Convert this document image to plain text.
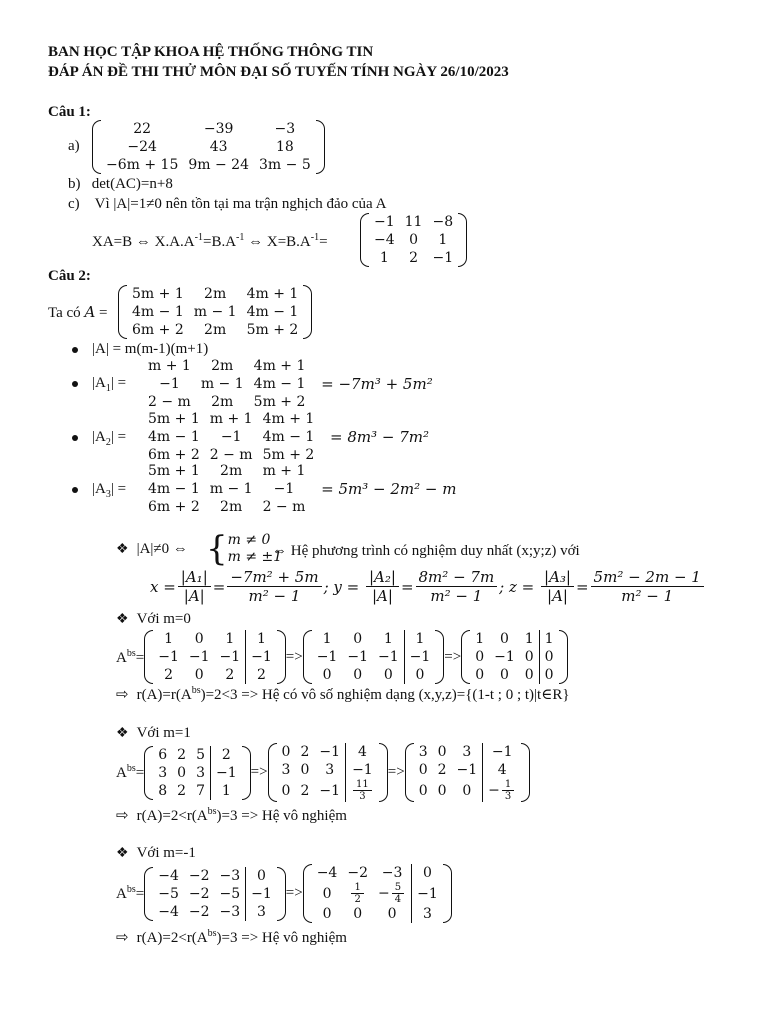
BAN HỌC TẬP KHOA HỆ THỐNG THÔNG TIN
ĐÁP ÁN ĐỀ THI THỬ MÔN ĐẠI SỐ TUYẾN TÍNH NGÀY 26/10/2023
Câu 1:
a)
22	−39	−3
−24	43	18
−6m + 15	9m − 24	3m − 5
b) det(AC)=n+8
c) Vì |A|=1≠0 nên tồn tại ma trận nghịch đảo của A
XA=B ⇔ $X.A.A^{-1}=B.A^{-1}$ ⇔ $X=B.A^{-1}=$
−1	11	−8
−4	0	1
1	2	−1
Câu 2:
Ta có A =
5m + 1	2m	4m + 1
4m − 1	m − 1	4m − 1
6m + 2	2m	5m + 2
|A| = m(m-1)(m+1)
$|A_1|$ =
m + 1	2m	4m + 1
−1	m − 1	4m − 1
2 − m	2m	5m + 2

= −7m³ + 5m²
$|A_2|$ =
5m + 1	m + 1	4m + 1
4m − 1	−1	4m − 1
6m + 2	2 − m	5m + 2

= 8m³ − 7m²
$|A_3|$ =
5m + 1	2m	m + 1
4m − 1	m − 1	−1
6m + 2	2m	2 − m

= 5m³ − 2m² − m
❖ |A|≠0 ⇔ { m ≠ 0
m ≠ ±1
⇔ Hệ phương trình có nghiệm duy nhất (x;y;z) với
$x = \frac{\text{|A₁|}}{|A|} = \frac{\text{−7m² + 5m}}{\text{m² − 1}}$ ; y =
$\frac{\text{|A₂|}}{|A|} = \frac{\text{8m² − 7m}}{\text{m² − 1}}$ ; z =
$\frac{\text{|A₃|}}{|A|} = \frac{\text{5m² − 2m − 1}}{\text{m² − 1}}$
❖ Với m=0
$A^{bs}=$
1	0	1	1
−1	−1	−1	−1
2	0	2	2
=>
1	0	1	1
−1	−1	−1	−1
0	0	0	0
=>
1	0	1	1
0	−1	0	0
0	0	0	0
⇨ $r(A)=r(A^{bs})=2<3$ => Hệ có vô số nghiệm dạng (x,y,z)={(1-t ; 0 ; t)|t∈R}
❖ Với m=1
$A^{bs}=$
6	2	5	2
3	0	3	−1
8	2	7	1
=>
0	2	−1	4
3	0	3	−1
0	2	−1	$\frac{11}{3}$
=>
3	0	3	−1
0	2	−1	4
0	0	0	− $\frac{1}{3}$
⇨ $r(A)=2<r(A^{bs})=3$ => Hệ vô nghiệm
❖ Với m=-1
$A^{bs}=$
−4	−2	−3	0
−5	−2	−5	−1
−4	−2	−3	3
=>
−4	−2	−3	0
0	$\frac{1}{2}$	− $\frac{5}{4}$	−1
0	0	0	3
⇨ $r(A)=2<r(A^{bs})=3$ => Hệ vô nghiệm
